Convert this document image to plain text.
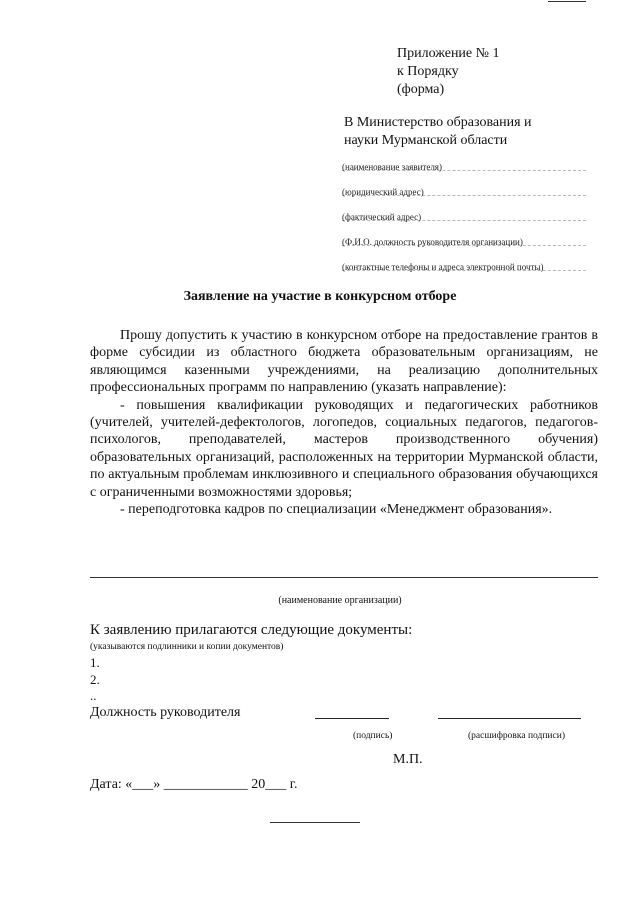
Приложение № 1
к Порядку
(форма)
В Министерство образования и
науки Мурманской области
(наименование заявителя)
(юридический адрес)
(фактический адрес)
(Ф.И.О. должность руководителя организации)
(контактные телефоны и адреса электронной почты)
Заявление на участие в конкурсном отборе

Прошу допустить к участию в конкурсном отборе на предоставление грантов в форме субсидии из областного бюджета образовательным организациям, не являющимся казенными учреждениями, на реализацию дополнительных профессиональных программ по направлению (указать направление):

- повышения квалификации руководящих и педагогических работников (учителей, учителей-дефектологов, логопедов, социальных педагогов, педагогов-психологов, преподавателей, мастеров производственного обучения) образовательных организаций, расположенных на территории Мурманской области, по актуальным проблемам инклюзивного и специального образования обучающихся с ограниченными возможностями здоровья;

- переподготовка кадров по специализации «Менеджмент образования».

(наименование организации)
К заявлению прилагаются следующие документы:
(указываются подлинники и копии документов)
1.
2.
..
Должность руководителя
(подпись)	(расшифровка подписи)
М.П.
Дата: «___» ____________ 20___ г.
